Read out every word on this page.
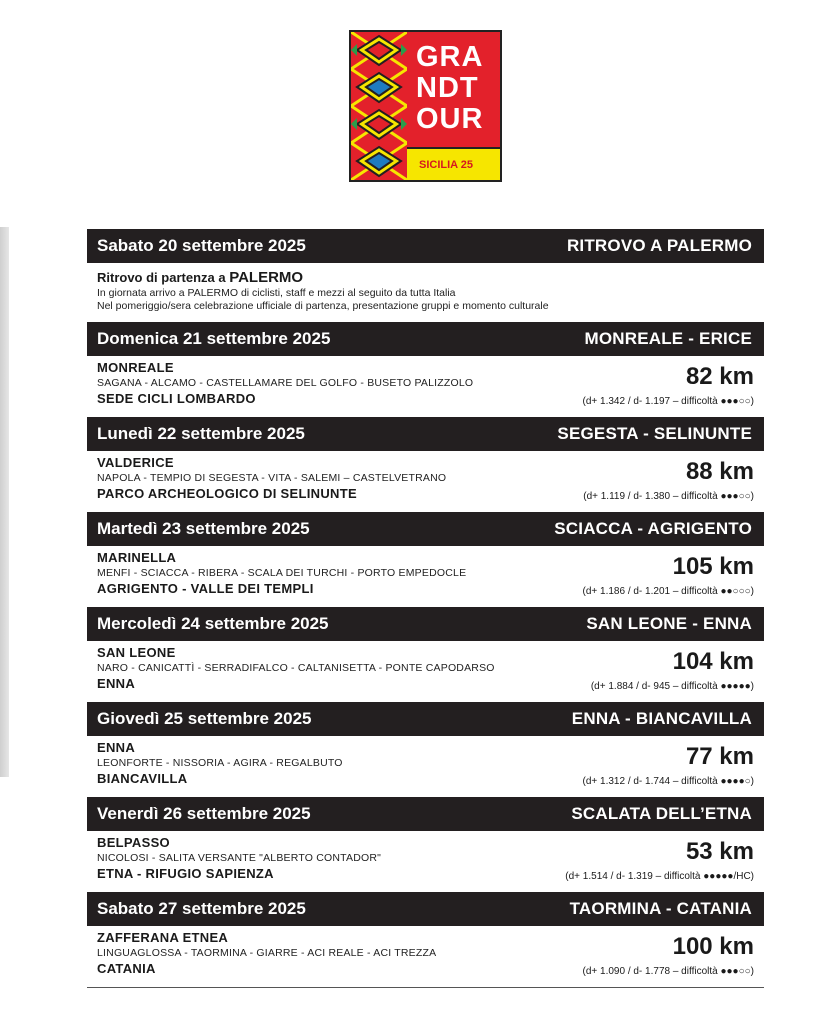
GRA
NDT
OUR
SICILIA 25
Sabato 20 settembre 2025	RITROVO A PALERMO
Ritrovo di partenza a PALERMO
In giornata arrivo a PALERMO di ciclisti, staff e mezzi al seguito da tutta Italia
Nel pomeriggio/sera celebrazione ufficiale di partenza, presentazione gruppi e momento culturale
Domenica 21 settembre 2025	MONREALE - ERICE
MONREALE
SAGANA - ALCAMO - CASTELLAMARE DEL GOLFO - BUSETO PALIZZOLO
SEDE CICLI LOMBARDO
82 km
(d+ 1.342 / d- 1.197 – difficoltà ●●●○○)
Lunedì 22 settembre 2025	SEGESTA - SELINUNTE
VALDERICE
NAPOLA - TEMPIO DI SEGESTA - VITA - SALEMI – CASTELVETRANO
PARCO ARCHEOLOGICO DI SELINUNTE
88 km
(d+ 1.119 / d- 1.380 – difficoltà ●●●○○)
Martedì 23 settembre 2025	SCIACCA - AGRIGENTO
MARINELLA
MENFI - SCIACCA - RIBERA - SCALA DEI TURCHI - PORTO EMPEDOCLE
AGRIGENTO - VALLE DEI TEMPLI
105 km
(d+ 1.186 / d- 1.201 – difficoltà ●●○○○)
Mercoledì 24 settembre 2025	SAN LEONE - ENNA
SAN LEONE
NARO - CANICATTÌ - SERRADIFALCO - CALTANISETTA - PONTE CAPODARSO
ENNA
104 km
(d+ 1.884 / d- 945 – difficoltà ●●●●●)
Giovedì 25 settembre 2025	ENNA - BIANCAVILLA
ENNA
LEONFORTE - NISSORIA - AGIRA - REGALBUTO
BIANCAVILLA
77 km
(d+ 1.312 / d- 1.744 – difficoltà ●●●●○)
Venerdì 26 settembre 2025	SCALATA DELL’ETNA
BELPASSO
NICOLOSI - SALITA VERSANTE "ALBERTO CONTADOR"
ETNA - RIFUGIO SAPIENZA
53 km
(d+ 1.514 / d- 1.319 – difficoltà ●●●●●/HC)
Sabato 27 settembre 2025	TAORMINA - CATANIA
ZAFFERANA ETNEA
LINGUAGLOSSA - TAORMINA - GIARRE - ACI REALE - ACI TREZZA
CATANIA
100 km
(d+ 1.090 / d- 1.778 – difficoltà ●●●○○)
